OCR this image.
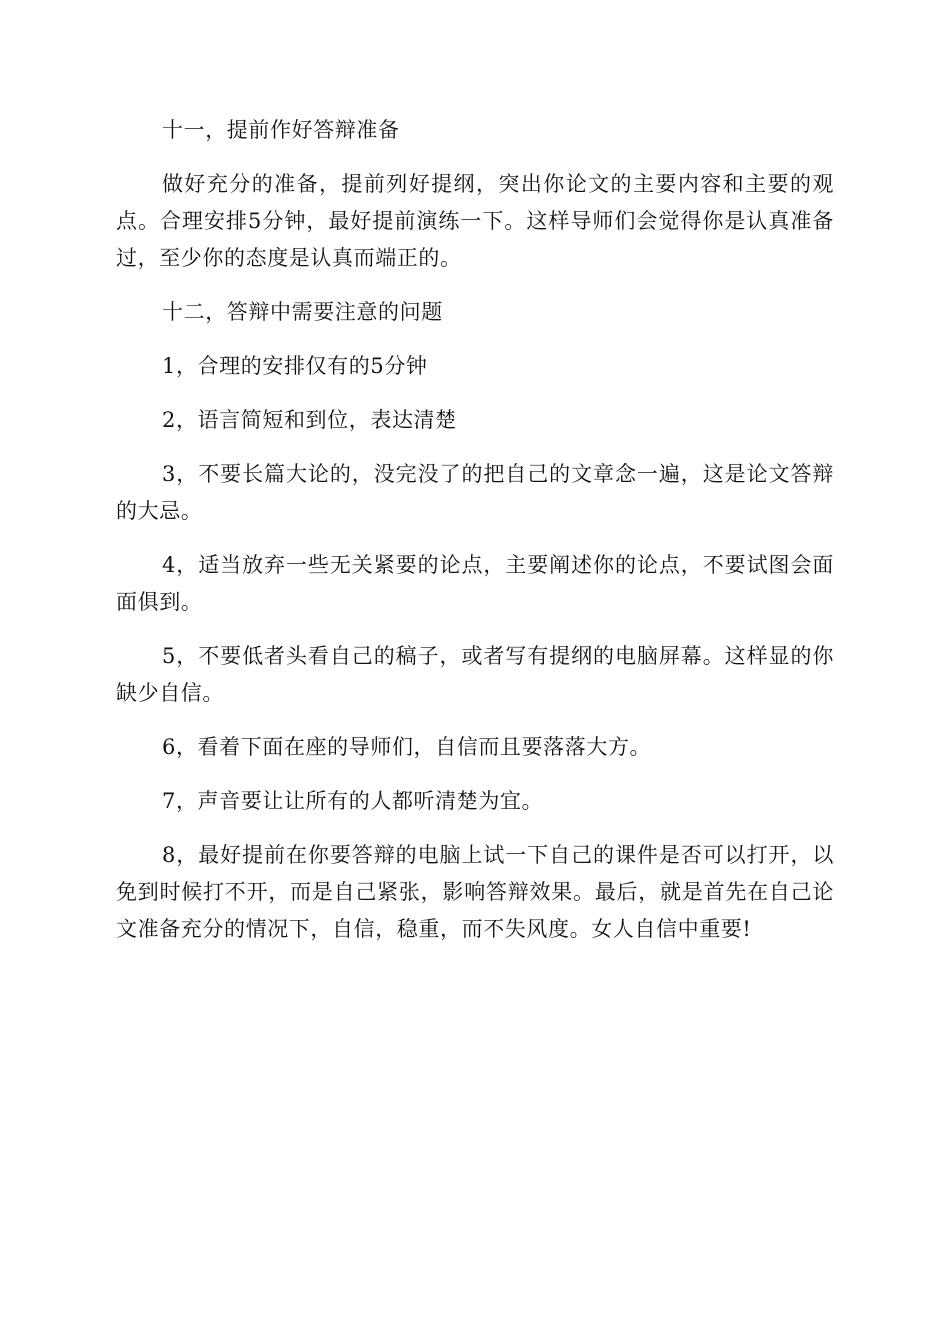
十一，提前作好答辩准备

做好充分的准备，提前列好提纲，突出你论文的主要内容和主要的观点。合理安排5分钟，最好提前演练一下。这样导师们会觉得你是认真准备过，至少你的态度是认真而端正的。

十二，答辩中需要注意的问题

1，合理的安排仅有的5分钟

2，语言简短和到位，表达清楚

3，不要长篇大论的，没完没了的把自己的文章念一遍，这是论文答辩的大忌。

4，适当放弃一些无关紧要的论点，主要阐述你的论点，不要试图会面面俱到。

5，不要低者头看自己的稿子，或者写有提纲的电脑屏幕。这样显的你缺少自信。

6，看着下面在座的导师们，自信而且要落落大方。

7，声音要让让所有的人都听清楚为宜。

8，最好提前在你要答辩的电脑上试一下自己的课件是否可以打开，以免到时候打不开，而是自己紧张，影响答辩效果。最后，就是首先在自己论文准备充分的情况下，自信，稳重，而不失风度。女人自信中重要!
